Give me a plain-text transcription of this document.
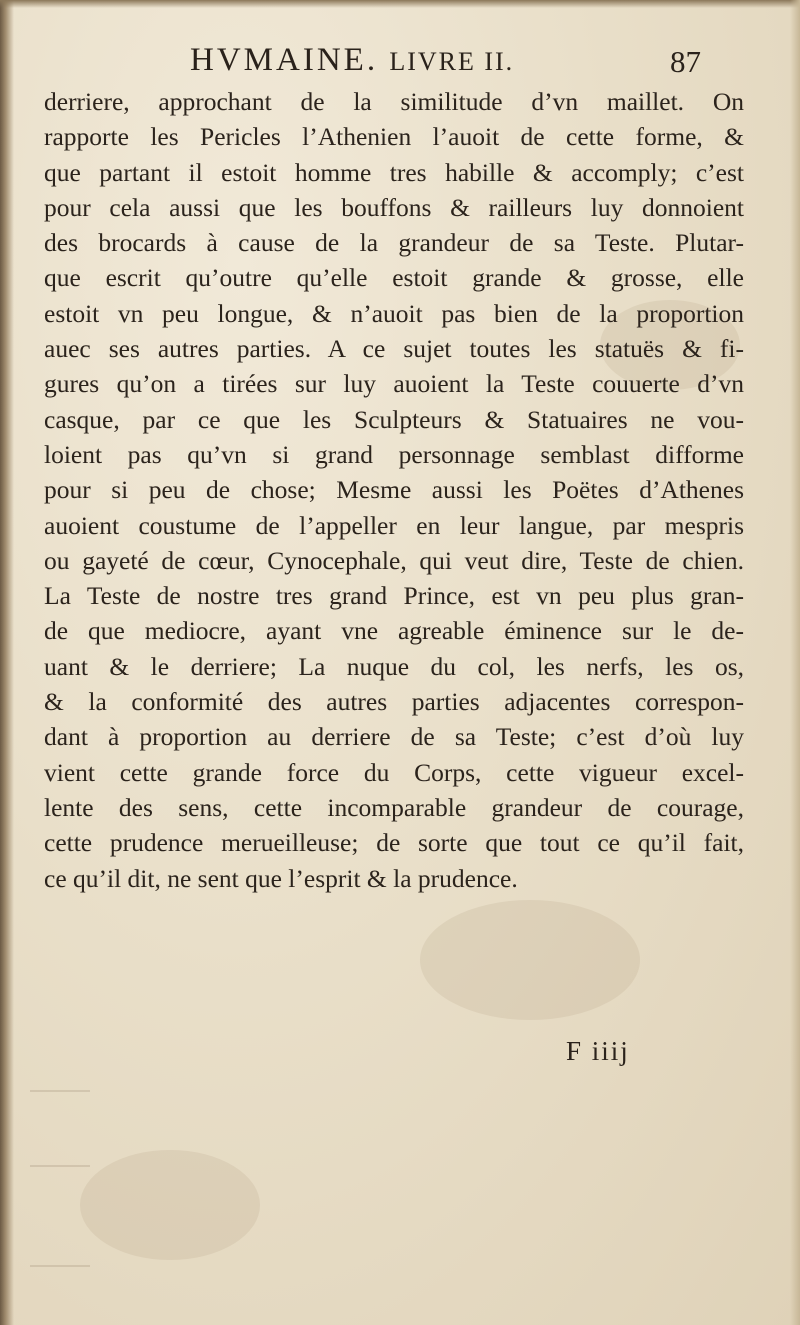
HVMAINE. LIVRE II.	87
derriere, approchant de la similitude d’vn maillet. On
rapporte les Pericles l’Athenien l’auoit de cette forme, &
que partant il estoit homme tres habille & accomply; c’est
pour cela aussi que les bouffons & railleurs luy donnoient
des brocards à cause de la grandeur de sa Teste. Plutar-
que escrit qu’outre qu’elle estoit grande & grosse, elle
estoit vn peu longue, & n’auoit pas bien de la proportion
auec ses autres parties. A ce sujet toutes les statuës & fi-
gures qu’on a tirées sur luy auoient la Teste couuerte d’vn
casque, par ce que les Sculpteurs & Statuaires ne vou-
loient pas qu’vn si grand personnage semblast difforme
pour si peu de chose; Mesme aussi les Poëtes d’Athenes
auoient coustume de l’appeller en leur langue, par mespris
ou gayeté de cœur, Cynocephale, qui veut dire, Teste de chien.
La Teste de nostre tres grand Prince, est vn peu plus gran-
de que mediocre, ayant vne agreable éminence sur le de-
uant & le derriere; La nuque du col, les nerfs, les os,
& la conformité des autres parties adjacentes correspon-
dant à proportion au derriere de sa Teste; c’est d’où luy
vient cette grande force du Corps, cette vigueur excel-
lente des sens, cette incomparable grandeur de courage,
cette prudence merueilleuse; de sorte que tout ce qu’il fait,
ce qu’il dit, ne sent que l’esprit & la prudence.
F iiij
